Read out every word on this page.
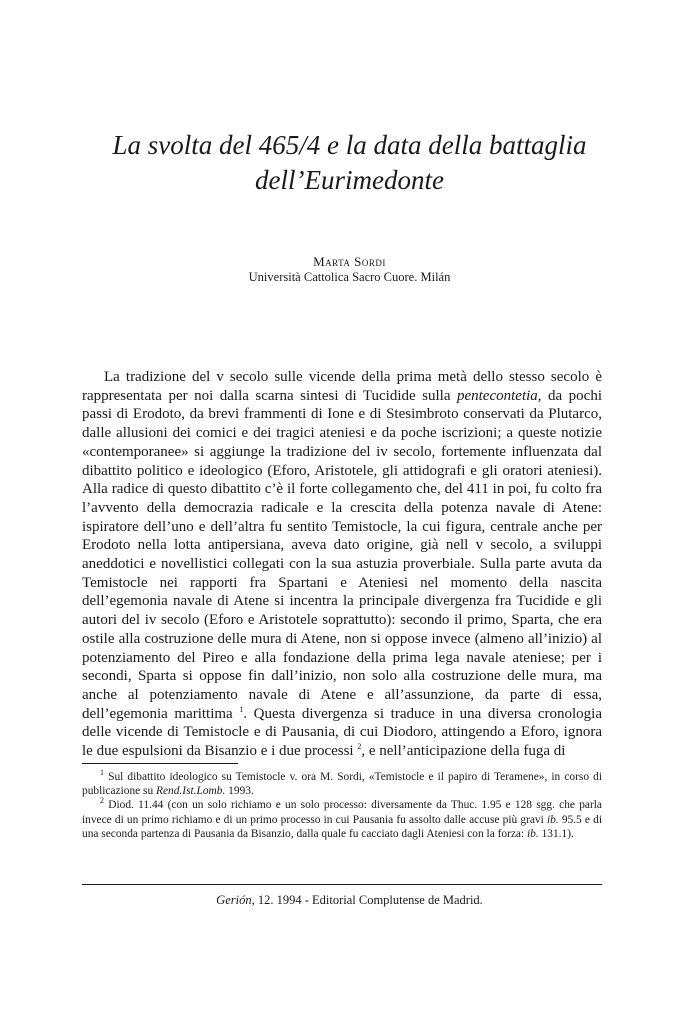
La svolta del 465/4 e la data della battaglia
dell’Eurimedonte
Marta Sordi
Università Cattolica Sacro Cuore. Milán

La tradizione del v secolo sulle vicende della prima metà dello stesso secolo è rappresentata per noi dalla scarna sintesi di Tucidide sulla pentecontetia, da pochi passi di Erodoto, da brevi frammenti di Ione e di Stesimbroto conservati da Plutarco, dalle allusioni dei comici e dei tragici ateniesi e da poche iscrizioni; a queste notizie «contemporanee» si aggiunge la tradizione del iv secolo, fortemente influenzata dal dibattito politico e ideologico (Eforo, Aristotele, gli attidografi e gli oratori ateniesi). Alla radice di questo dibattito c’è il forte collegamento che, del 411 in poi, fu colto fra l’avvento della democrazia radicale e la crescita della potenza navale di Atene: ispiratore dell’uno e dell’altra fu sentito Temistocle, la cui figura, centrale anche per Erodoto nella lotta antipersiana, aveva dato origine, già nell v secolo, a sviluppi aneddotici e novellistici collegati con la sua astuzia proverbiale. Sulla parte avuta da Temistocle nei rapporti fra Spartani e Ateniesi nel momento della nascita dell’egemonia navale di Atene si incentra la principale divergenza fra Tucidide e gli autori del iv secolo (Eforo e Aristotele soprattutto): secondo il primo, Sparta, che era ostile alla costruzione delle mura di Atene, non si oppose invece (almeno all’inizio) al potenziamento del Pireo e alla fondazione della prima lega navale ateniese; per i secondi, Sparta si oppose fin dall’inizio, non solo alla costruzione delle mura, ma anche al potenziamento navale di Atene e all’assunzione, da parte di essa, dell’egemonia marittima $^1$. Questa divergenza si traduce in una diversa cronologia delle vicende di Temistocle e di Pausania, di cui Diodoro, attingendo a Eforo, ignora le due espulsioni da Bisanzio e i due processi $^2$, e nell’anticipazione della fuga di

$^1$ Sul dibattito ideologico su Temistocle v. ora M. Sordi, «Temistocle e il papiro di Teramene», in corso di publicazione su Rend.Ist.Lomb. 1993.

$^2$ Diod. 11.44 (con un solo richiamo e un solo processo: diversamente da Thuc. 1.95 e 128 sgg. che parla invece di un primo richiamo e di un primo processo in cui Pausania fu assolto dalle accuse più gravi ib. 95.5 e di una seconda partenza di Pausania da Bisanzio, dalla quale fu cacciato dagli Ateniesi con la forza: ib. 131.1).

Gerión, 12. 1994 - Editorial Complutense de Madrid.
